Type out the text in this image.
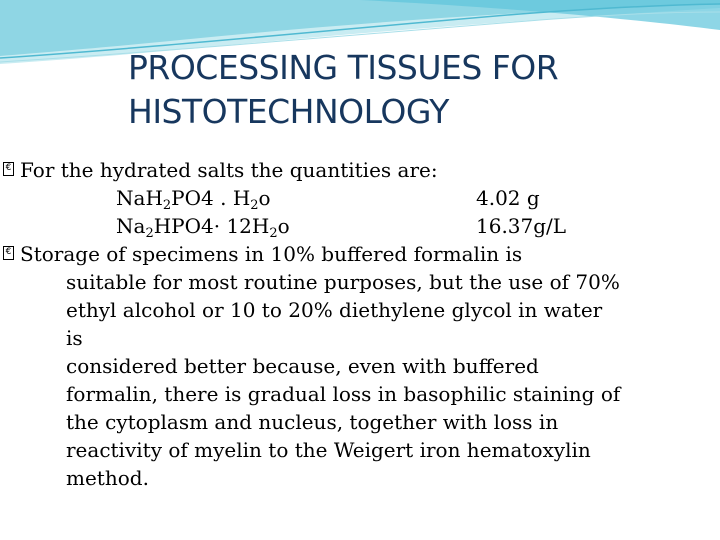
PROCESSING TISSUES FOR
HISTOTECHNOLOGY
€ For the hydrated salts the quantities are:
NaH$_2$PO4 . $H_2o$	4.02 g
$Na_2HPO4\cdot 12H_2o$	16.37g/L
€ Storage of specimens in 10% buffered formalin is
suitable for most routine purposes, but the use of 70%
ethyl alcohol or 10 to 20% diethylene glycol in water
is
considered better because, even with buffered
formalin, there is gradual loss in basophilic staining of
the cytoplasm and nucleus, together with loss in
reactivity of myelin to the Weigert iron hematoxylin
method.
